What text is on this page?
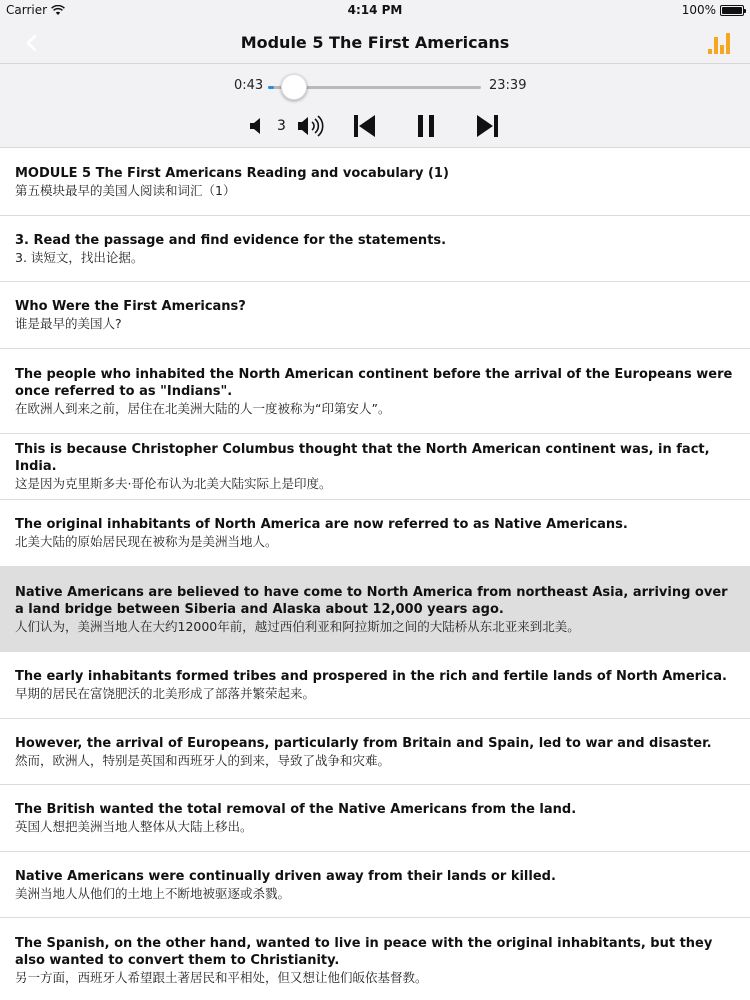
Carrier	4:14 PM	100%
Module 5 The First Americans
0:43	23:39
3
MODULE 5 The First Americans Reading and vocabulary (1)
第五模块最早的美国人阅读和词汇（1）
3. Read the passage and find evidence for the statements.
3. 读短文，找出论据。
Who Were the First Americans?
谁是最早的美国人?
The people who inhabited the North American continent before the arrival of the Europeans were once referred to as "Indians".
在欧洲人到来之前，居住在北美洲大陆的人一度被称为“印第安人”。
This is because Christopher Columbus thought that the North American continent was, in fact, India.
这是因为克里斯多夫·哥伦布认为北美大陆实际上是印度。
The original inhabitants of North America are now referred to as Native Americans.
北美大陆的原始居民现在被称为是美洲当地人。
Native Americans are believed to have come to North America from northeast Asia, arriving over a land bridge between Siberia and Alaska about 12,000 years ago.
人们认为，美洲当地人在大约12000年前，越过西伯利亚和阿拉斯加之间的大陆桥从东北亚来到北美。
The early inhabitants formed tribes and prospered in the rich and fertile lands of North America.
早期的居民在富饶肥沃的北美形成了部落并繁荣起来。
However, the arrival of Europeans, particularly from Britain and Spain, led to war and disaster.
然而，欧洲人，特别是英国和西班牙人的到来，导致了战争和灾难。
The British wanted the total removal of the Native Americans from the land.
英国人想把美洲当地人整体从大陆上移出。
Native Americans were continually driven away from their lands or killed.
美洲当地人从他们的土地上不断地被驱逐或杀戮。
The Spanish, on the other hand, wanted to live in peace with the original inhabitants, but they also wanted to convert them to Christianity.
另一方面，西班牙人希望跟土著居民和平相处，但又想让他们皈依基督教。
